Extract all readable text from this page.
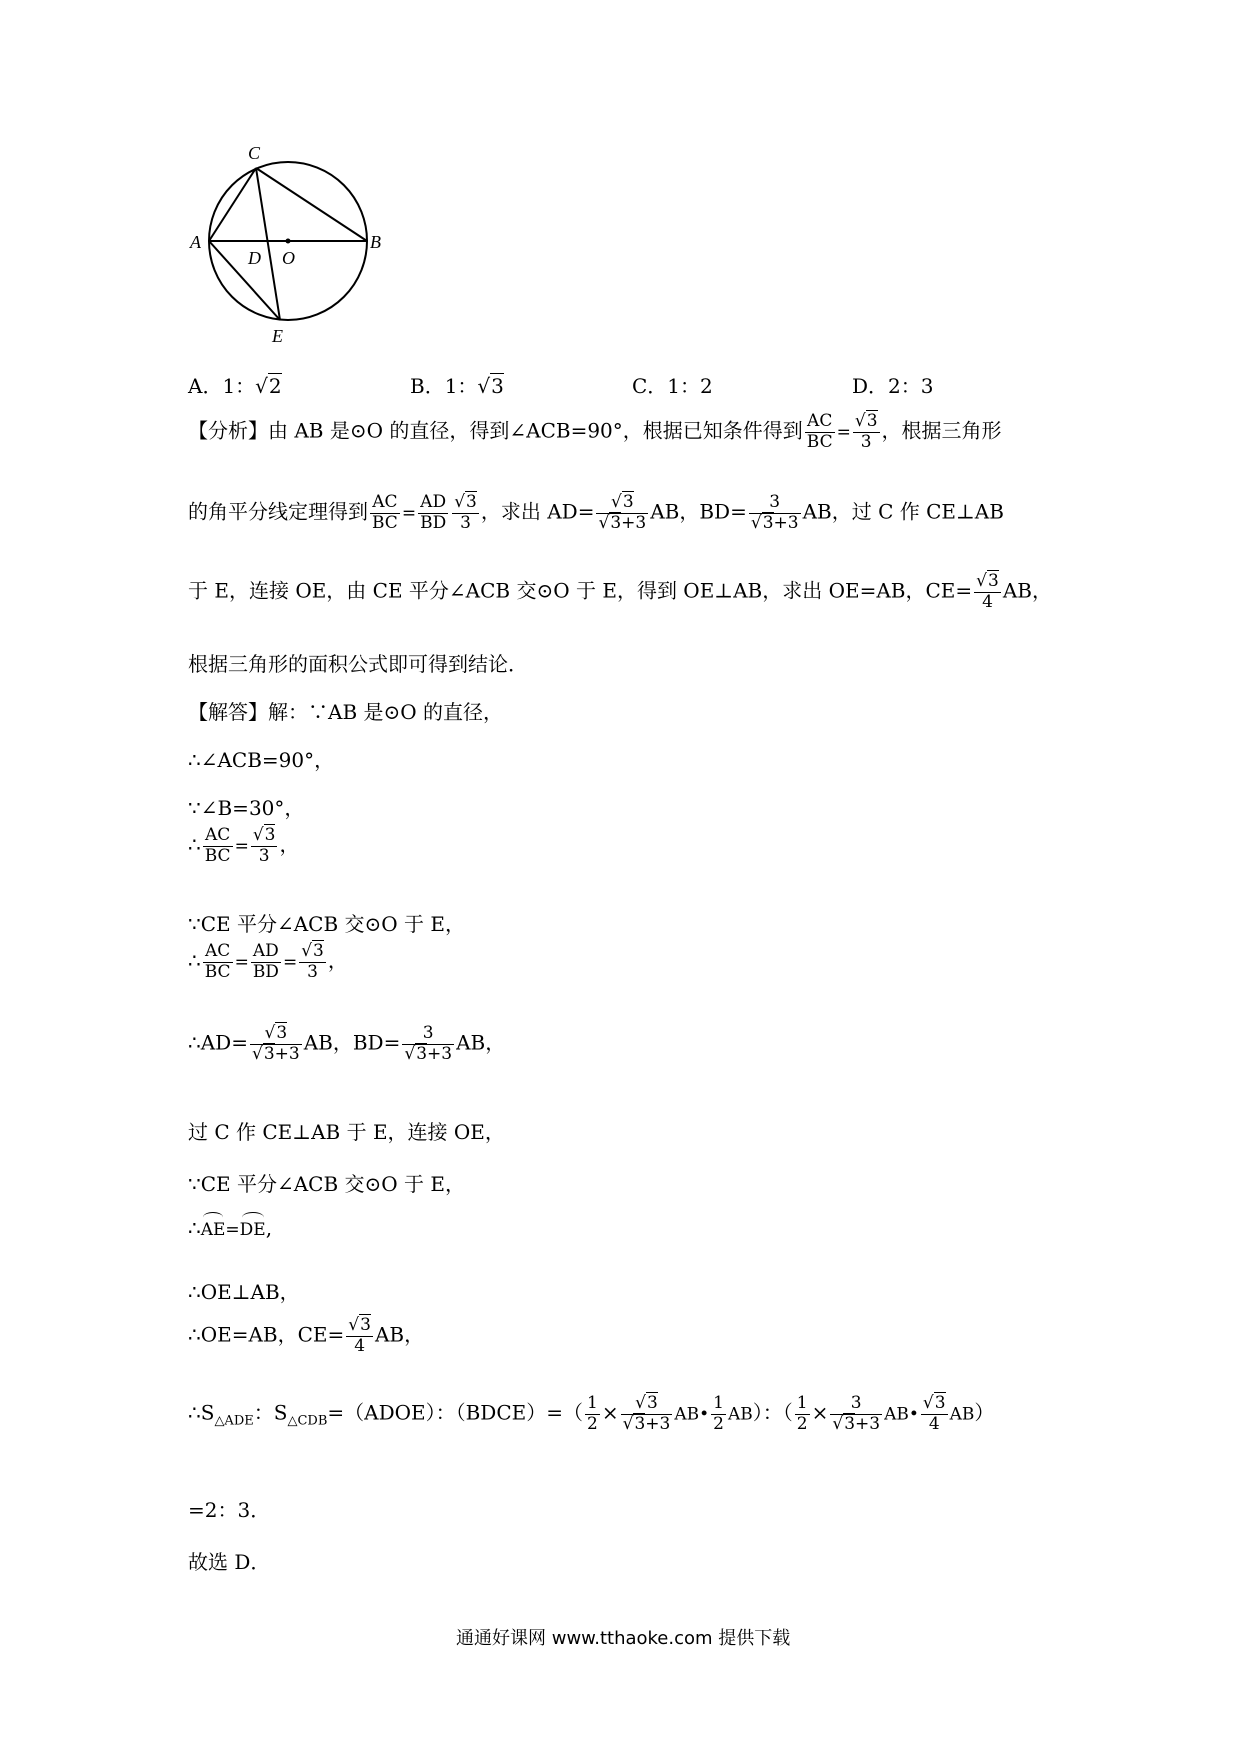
C
A	B
D O
E
A．1：√2	B．1：√3	C．1：2	D．2：3
【分析】由 AB 是⊙O 的直径，得到∠ACB=90°，根据已知条件得到 $\frac{AC}{BC} = \frac{√3}{3}$ ，根据三角形
的角平分线定理得到 $\frac{AC}{BC} = \frac{AD}{BD} \frac{√3}{3}$ ，求出 $AD= \frac{√3}{√3+3}$ AB，$BD= \frac{3}{√3+3}$ AB，过 C 作 CE⊥AB
于 E，连接 OE，由 CE 平分∠ACB 交⊙O 于 E，得到 OE⊥AB，求出 OE=AB，$CE= \frac{√3}{4}$ AB，
根据三角形的面积公式即可得到结论．
【解答】解：∵AB 是⊙O 的直径，
∴∠ACB=90°，
∵∠B=30°，
∴ $\frac{AC}{BC} = \frac{√3}{3}$ ，
∵CE 平分∠ACB 交⊙O 于 E，
∴ $\frac{AC}{BC} = \frac{AD}{BD} = \frac{√3}{3}$ ，
∴AD= $\frac{√3}{√3+3}$ AB，$BD= \frac{3}{√3+3}$ AB，
过 C 作 CE⊥AB 于 E，连接 OE，
∵CE 平分∠ACB 交⊙O 于 E，
∴AE=DE,
∴OE⊥AB，
∴OE=AB，$CE= \frac{√3}{4}$ AB，
$\therefore S_{\triangle ADE}$：$S_{\triangle CDB}=(ADOE)$：（BDCE）=（ $\frac{1}{2} \times \frac{√3}{√3+3}$ AB• $\frac{1}{2} AB$）：（ $\frac{1}{2} \times \frac{3}{√3+3}$ AB• $\frac{√3}{4} AB$）
=2：3．
故选 D．
通通好课网 www.tthaoke.com 提供下载
